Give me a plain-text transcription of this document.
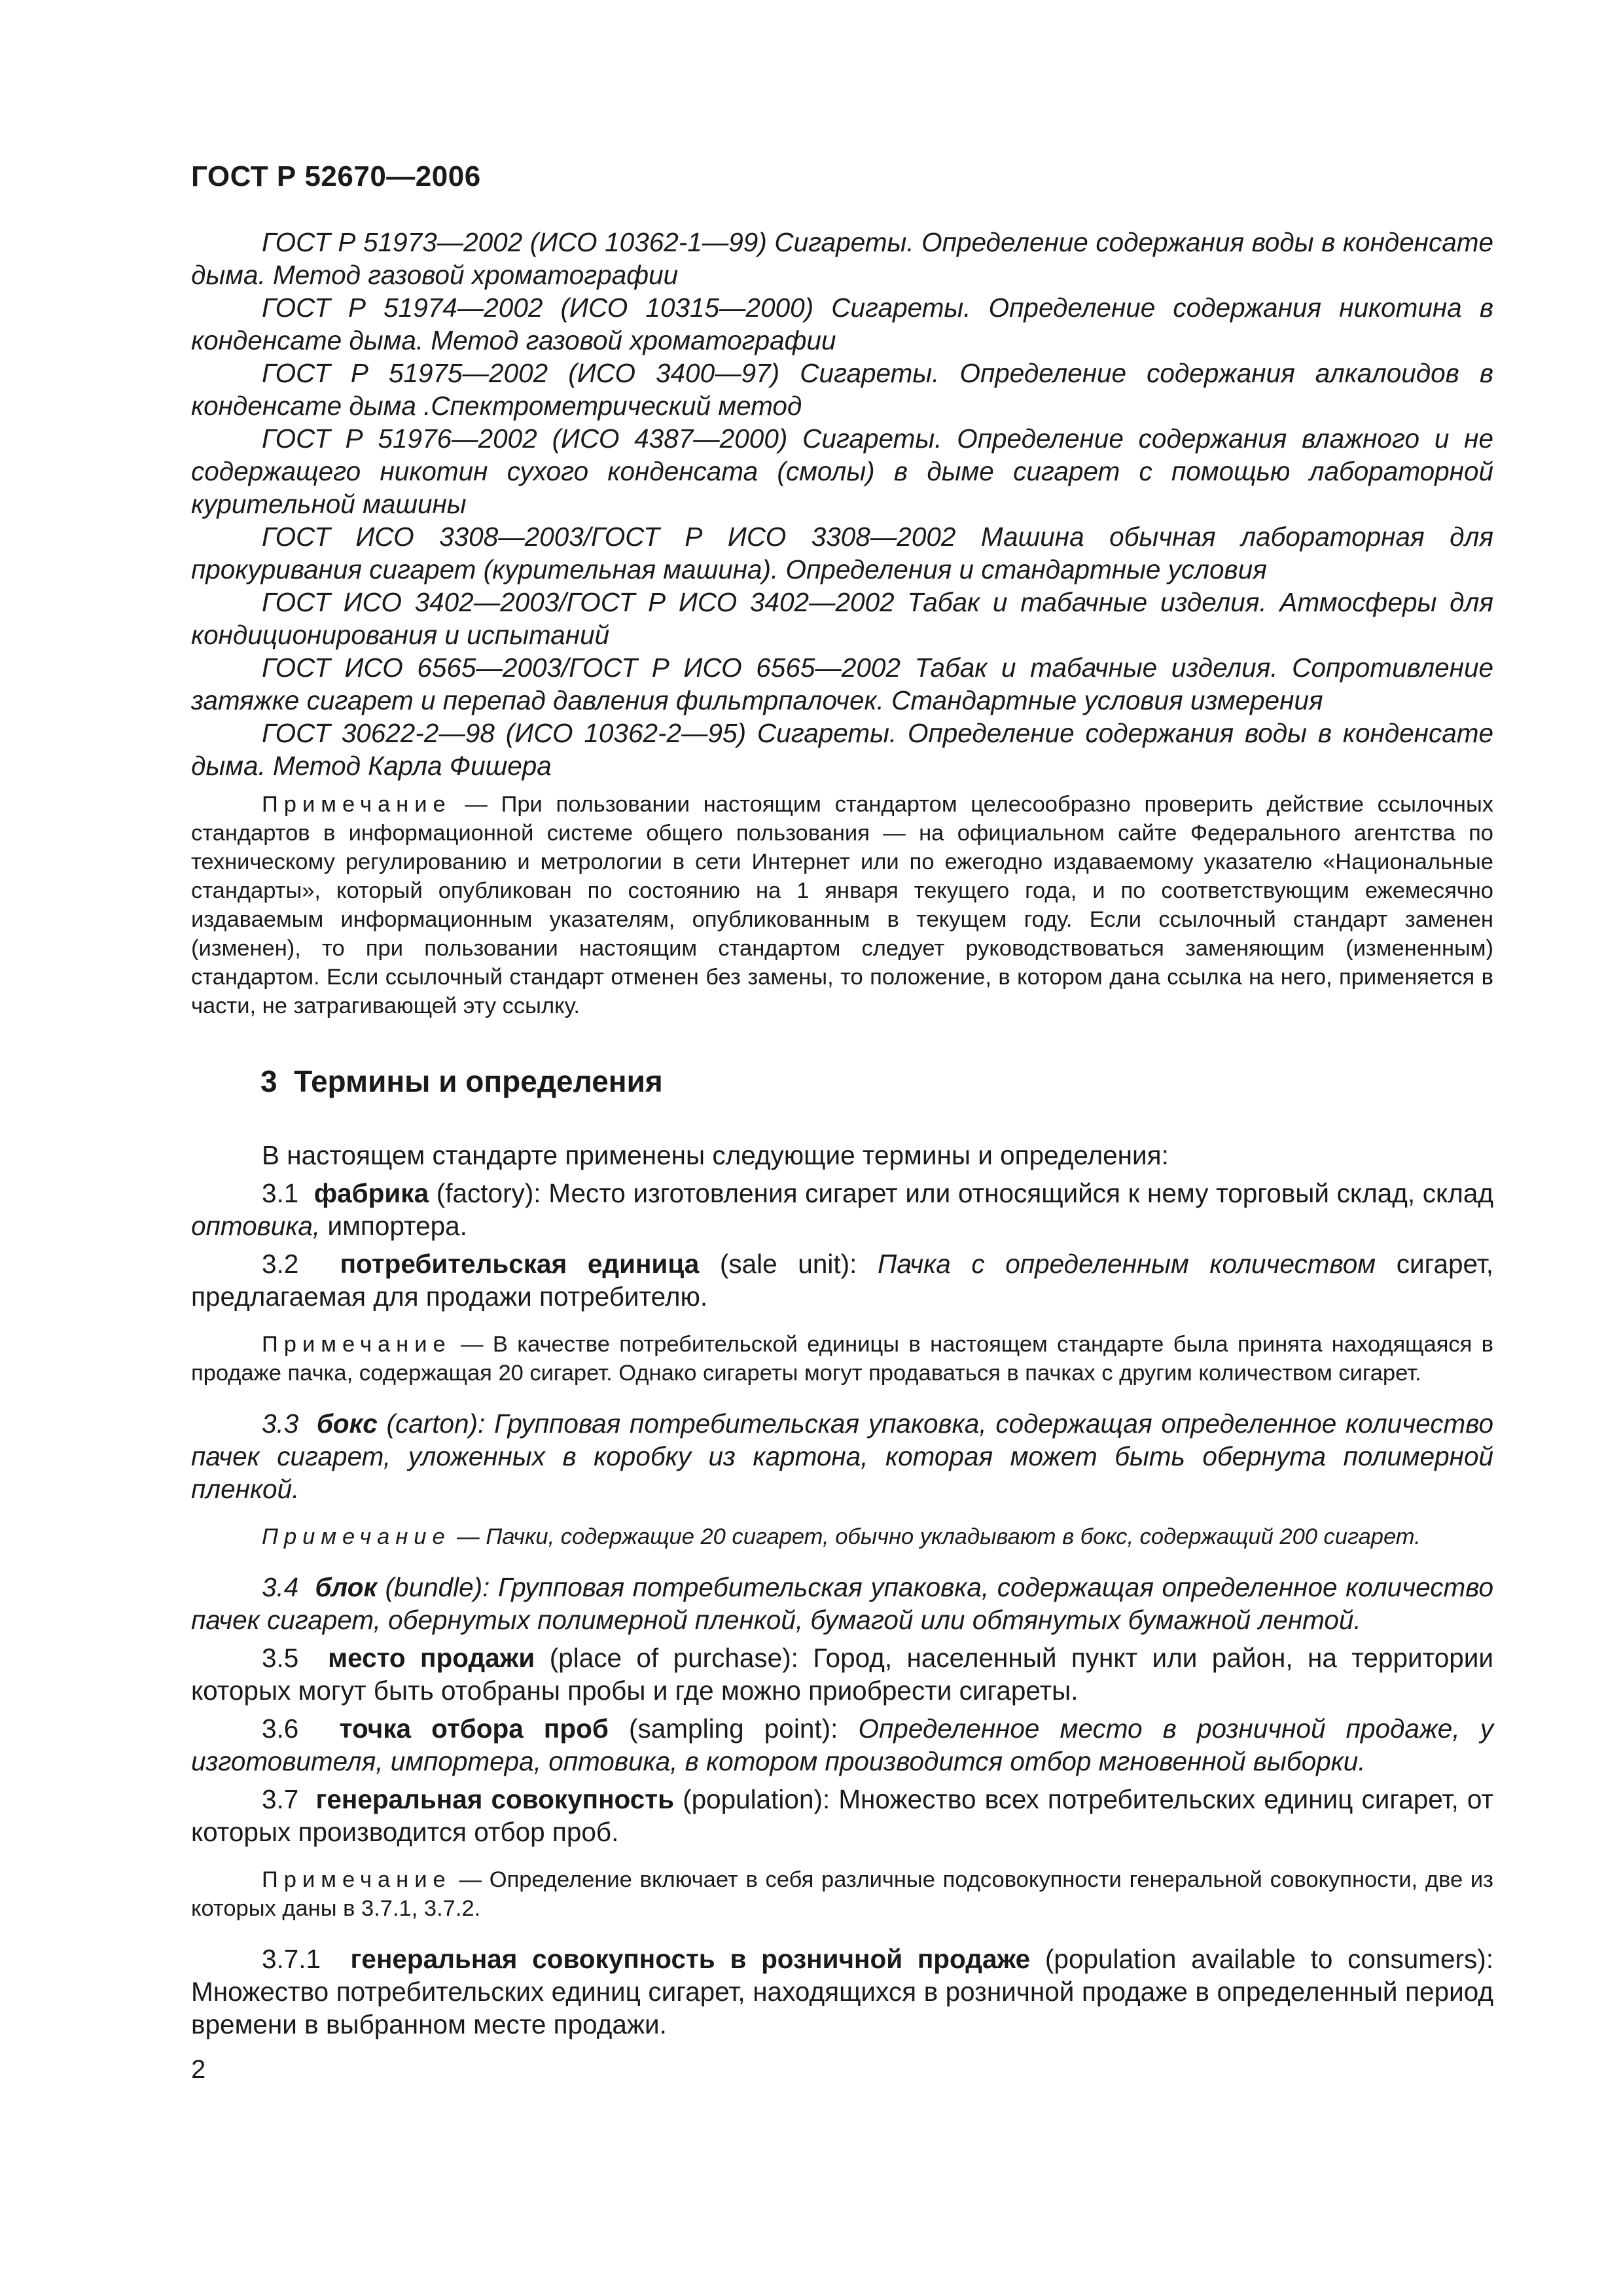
ГОСТ Р 52670—2006

ГОСТ Р 51973—2002 (ИСО 10362-1—99) Сигареты. Определение содержания воды в конденсате дыма. Метод газовой хроматографии

ГОСТ Р 51974—2002 (ИСО 10315—2000) Сигареты. Определение содержания никотина в конденсате дыма. Метод газовой хроматографии

ГОСТ Р 51975—2002 (ИСО 3400—97) Сигареты. Определение содержания алкалоидов в конденсате дыма .Спектрометрический метод

ГОСТ Р 51976—2002 (ИСО 4387—2000) Сигареты. Определение содержания влажного и не содержащего никотин сухого конденсата (смолы) в дыме сигарет с помощью лабораторной курительной машины

ГОСТ ИСО 3308—2003/ГОСТ Р ИСО 3308—2002 Машина обычная лабораторная для прокуривания сигарет (курительная машина). Определения и стандартные условия

ГОСТ ИСО 3402—2003/ГОСТ Р ИСО 3402—2002 Табак и табачные изделия. Атмосферы для кондиционирования и испытаний

ГОСТ ИСО 6565—2003/ГОСТ Р ИСО 6565—2002 Табак и табачные изделия. Сопротивление затяжке сигарет и перепад давления фильтрпалочек. Стандартные условия измерения

ГОСТ 30622-2—98 (ИСО 10362-2—95) Сигареты. Определение содержания воды в конденсате дыма. Метод Карла Фишера

Примечание — При пользовании настоящим стандартом целесообразно проверить действие ссылочных стандартов в информационной системе общего пользования — на официальном сайте Федерального агентства по техническому регулированию и метрологии в сети Интернет или по ежегодно издаваемому указателю «Национальные стандарты», который опубликован по состоянию на 1 января текущего года, и по соответствующим ежемесячно издаваемым информационным указателям, опубликованным в текущем году. Если ссылочный стандарт заменен (изменен), то при пользовании настоящим стандартом следует руководствоваться заменяющим (измененным) стандартом. Если ссылочный стандарт отменен без замены, то положение, в котором дана ссылка на него, применяется в части, не затрагивающей эту ссылку.

3 Термины и определения

В настоящем стандарте применены следующие термины и определения:

3.1 фабрика (factory): Место изготовления сигарет или относящийся к нему торговый склад, склад оптовика, импортера.

3.2 потребительская единица (sale unit): Пачка с определенным количеством сигарет, предлагаемая для продажи потребителю.

Примечание — В качестве потребительской единицы в настоящем стандарте была принята находящаяся в продаже пачка, содержащая 20 сигарет. Однако сигареты могут продаваться в пачках с другим количеством сигарет.

3.3 бокс (carton): Групповая потребительская упаковка, содержащая определенное количество пачек сигарет, уложенных в коробку из картона, которая может быть обернута полимерной пленкой.

Примечание — Пачки, содержащие 20 сигарет, обычно укладывают в бокс, содержащий 200 сигарет.

3.4 блок (bundle): Групповая потребительская упаковка, содержащая определенное количество пачек сигарет, обернутых полимерной пленкой, бумагой или обтянутых бумажной лентой.

3.5 место продажи (place of purchase): Город, населенный пункт или район, на территории которых могут быть отобраны пробы и где можно приобрести сигареты.

3.6 точка отбора проб (sampling point): Определенное место в розничной продаже, у изготовителя, импортера, оптовика, в котором производится отбор мгновенной выборки.

3.7 генеральная совокупность (population): Множество всех потребительских единиц сигарет, от которых производится отбор проб.

Примечание — Определение включает в себя различные подсовокупности генеральной совокупности, две из которых даны в 3.7.1, 3.7.2.

3.7.1 генеральная совокупность в розничной продаже (population available to consumers): Множество потребительских единиц сигарет, находящихся в розничной продаже в определенный период времени в выбранном месте продажи.

2
